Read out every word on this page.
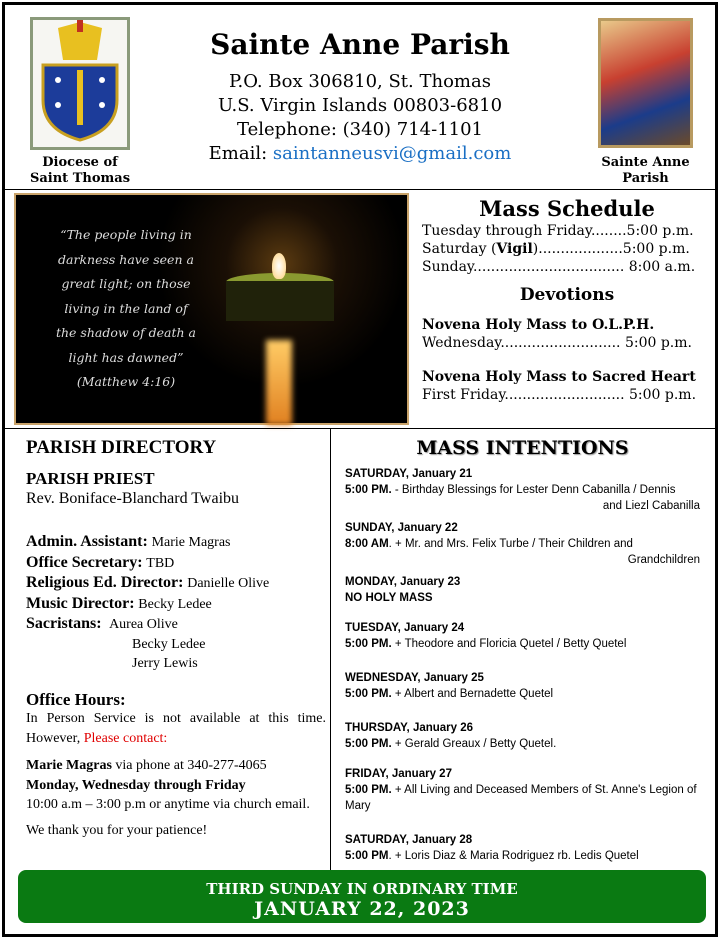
Diocese of
Saint Thomas
Sainte Anne
Parish
Sainte Anne Parish
P.O. Box 306810, St. Thomas
U.S. Virgin Islands 00803-6810
Telephone: (340) 714-1101
Email: saintanneusvi@gmail.com
“The people living in
darkness have seen a
great light; on those
living in the land of
the shadow of death a
light has dawned”
(Matthew 4:16)
Mass Schedule
Tuesday through Friday........5:00 p.m.
Saturday (Vigil)...................5:00 p.m.
Sunday.................................. 8:00 a.m.
Devotions
Novena Holy Mass to O.L.P.H.
Wednesday........................... 5:00 p.m.
Novena Holy Mass to Sacred Heart
First Friday........................... 5:00 p.m.
PARISH DIRECTORY
PARISH PRIEST
Rev. Boniface-Blanchard Twaibu
Admin. Assistant: Marie Magras
Office Secretary: TBD
Religious Ed. Director: Danielle Olive
Music Director: Becky Ledee
Sacristans: Aurea Olive
Becky Ledee
Jerry Lewis
Office Hours:
In Person Service is not available at this time. However, Please contact:
Marie Magras via phone at 340-277-4065
Monday, Wednesday through Friday
10:00 a.m – 3:00 p.m or anytime via church email.
We thank you for your patience!
MASS INTENTIONS
SATURDAY, January 21
5:00 PM. - Birthday Blessings for Lester Denn Cabanilla / Dennis
and Liezl Cabanilla
SUNDAY, January 22
8:00 AM. + Mr. and Mrs. Felix Turbe / Their Children and
Grandchildren
MONDAY, January 23
NO HOLY MASS
TUESDAY, January 24
5:00 PM. + Theodore and Floricia Quetel / Betty Quetel
WEDNESDAY, January 25
5:00 PM. + Albert and Bernadette Quetel
THURSDAY, January 26
5:00 PM. + Gerald Greaux / Betty Quetel.
FRIDAY, January 27
5:00 PM. + All Living and Deceased Members of St. Anne's Legion of Mary
SATURDAY, January 28
5:00 PM. + Loris Diaz & Maria Rodriguez rb. Ledis Quetel
THIRD SUNDAY IN ORDINARY TIME
JANUARY 22, 2023
